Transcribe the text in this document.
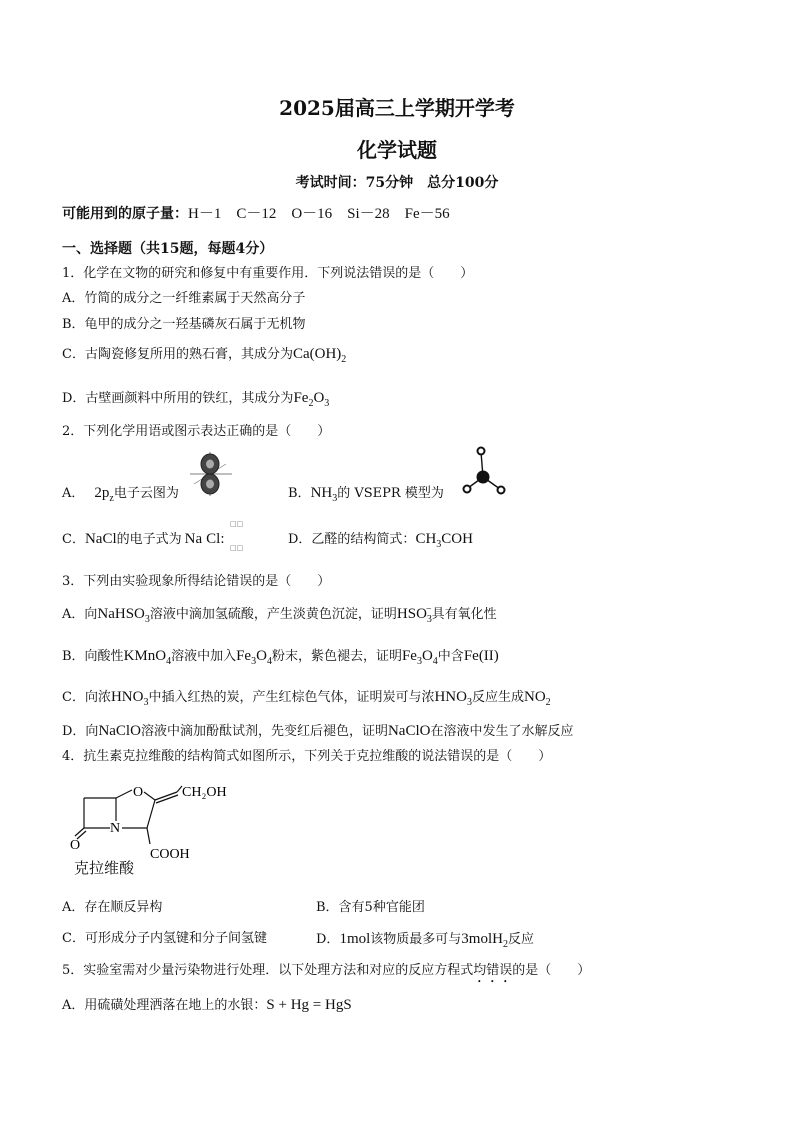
2025届高三上学期开学考
化学试题
考试时间：75分钟　总分100分
可能用到的原子量：H－1　C－12　O－16　Si－28　Fe－56
一、选择题（共15题，每题4分）
1．化学在文物的研究和修复中有重要作用．下列说法错误的是（　　）
A．竹简的成分之一纤维素属于天然高分子
B．龟甲的成分之一羟基磷灰石属于无机物
C．古陶瓷修复所用的熟石膏，其成分为$Ca(OH)_2$
D．古壁画颜料中所用的铁红，其成分为$Fe_2O_3$
2．下列化学用语或图示表达正确的是（　　）
A． $2p_z$电子云图为	B．$NH_3$的 VSEPR 模型为
C．NaCl的电子式为 Na Cl:
□□
□□
D．乙醛的结构简式：$CH_3COH$
3．下列由实验现象所得结论错误的是（　　）
A．向NaHSO$_3$溶液中滴加氢硫酸，产生淡黄色沉淀，证明$HSO_3^-$具有氧化性
B．向酸性KMnO$_4$溶液中加入$Fe_3O_4$粉末，紫色褪去，证明$Fe_3O_4$中含Fe(II)
C．向浓$HNO_3$中插入红热的炭，产生红棕色气体，证明炭可与浓$HNO_3$反应生成$NO_2$
D．向NaClO溶液中滴加酚酞试剂，先变红后褪色，证明NaClO在溶液中发生了水解反应
4．抗生素克拉维酸的结构简式如图所示，下列关于克拉维酸的说法错误的是（　　）
O
N
O
CH₂OH
COOH
克拉维酸
A．存在顺反异构	B．含有5种官能团
C．可形成分子内氢键和分子间氢键	D．1mol该物质最多可与3molH$_2$反应
5．实验室需对少量污染物进行处理．以下处理方法和对应的反应方程式均错误的是（　　）
A．用硫磺处理洒落在地上的水银：S + Hg = HgS
